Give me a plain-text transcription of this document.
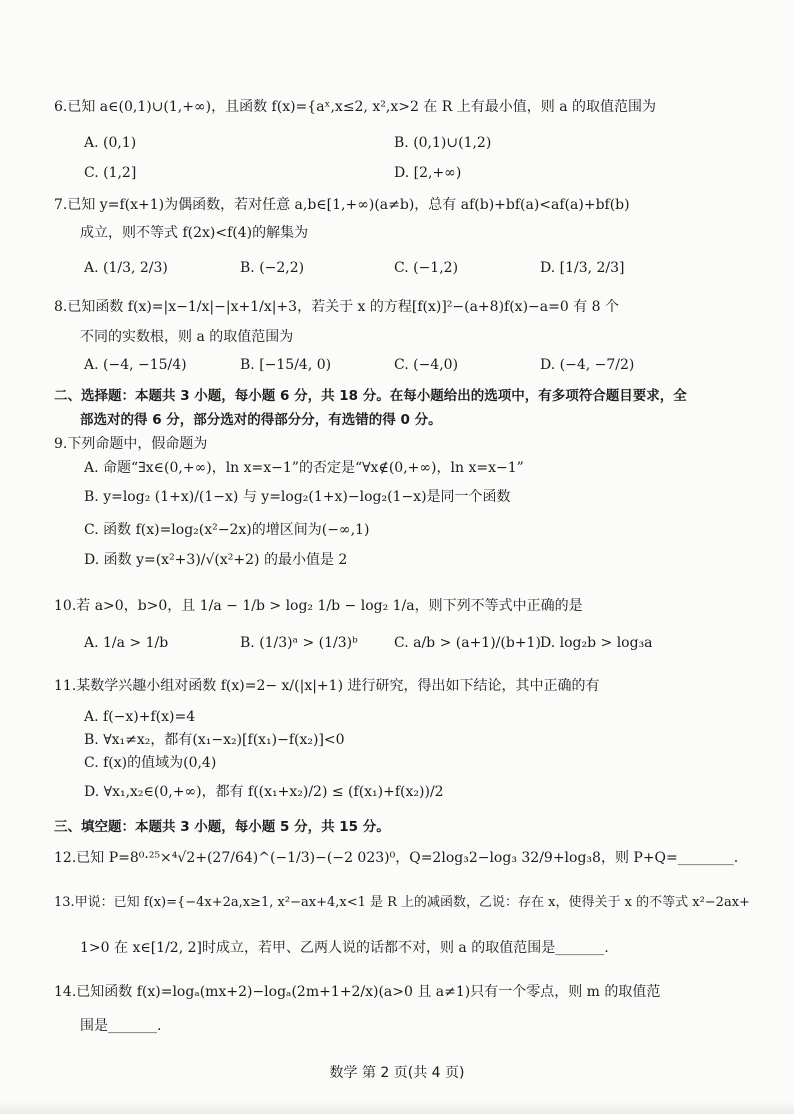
6.已知 a∈(0,1)∪(1,+∞)，且函数 f(x)={aˣ,x≤2, x²,x>2 在 R 上有最小值，则 a 的取值范围为
A. (0,1)	B. (0,1)∪(1,2)
C. (1,2]	D. [2,+∞)
7.已知 y=f(x+1)为偶函数，若对任意 a,b∈[1,+∞)(a≠b)，总有 af(b)+bf(a)<af(a)+bf(b)
成立，则不等式 f(2x)<f(4)的解集为
A. (1/3, 2/3)	B. (−2,2)	C. (−1,2)	D. [1/3, 2/3]
8.已知函数 f(x)=|x−1/x|−|x+1/x|+3，若关于 x 的方程[f(x)]²−(a+8)f(x)−a=0 有 8 个
不同的实数根，则 a 的取值范围为
A. (−4, −15/4)	B. [−15/4, 0)	C. (−4,0)	D. (−4, −7/2)
二、选择题：本题共 3 小题，每小题 6 分，共 18 分。在每小题给出的选项中，有多项符合题目要求，全
部选对的得 6 分，部分选对的得部分分，有选错的得 0 分。
9.下列命题中，假命题为
A. 命题“∃x∈(0,+∞)，ln x=x−1”的否定是“∀x∉(0,+∞)，ln x=x−1”
B. y=log₂ (1+x)/(1−x) 与 y=log₂(1+x)−log₂(1−x)是同一个函数
C. 函数 f(x)=log₂(x²−2x)的增区间为(−∞,1)
D. 函数 y=(x²+3)/√(x²+2) 的最小值是 2
10.若 a>0，b>0，且 1/a − 1/b > log₂ 1/b − log₂ 1/a，则下列不等式中正确的是
A. 1/a > 1/b	B. (1/3)ᵃ > (1/3)ᵇ	C. a/b > (a+1)/(b+1) D. log₂b > log₃a
11.某数学兴趣小组对函数 f(x)=2− x/(|x|+1) 进行研究，得出如下结论，其中正确的有
A. f(−x)+f(x)=4
B. ∀x₁≠x₂，都有(x₁−x₂)[f(x₁)−f(x₂)]<0
C. f(x)的值域为(0,4)
D. ∀x₁,x₂∈(0,+∞)，都有 f((x₁+x₂)/2) ≤ (f(x₁)+f(x₂))/2
三、填空题：本题共 3 小题，每小题 5 分，共 15 分。
12.已知 P=8⁰·²⁵×⁴√2+(27/64)^(−1/3)−(−2 023)⁰，Q=2log₃2−log₃ 32/9+log₃8，则 P+Q=________.
13.甲说：已知 f(x)={−4x+2a,x≥1, x²−ax+4,x<1 是 R 上的减函数，乙说：存在 x，使得关于 x 的不等式 x²−2ax+
1>0 在 x∈[1/2, 2]时成立，若甲、乙两人说的话都不对，则 a 的取值范围是_______.
14.已知函数 f(x)=logₐ(mx+2)−logₐ(2m+1+2/x)(a>0 且 a≠1)只有一个零点，则 m 的取值范
围是_______.
数学 第 2 页(共 4 页)
